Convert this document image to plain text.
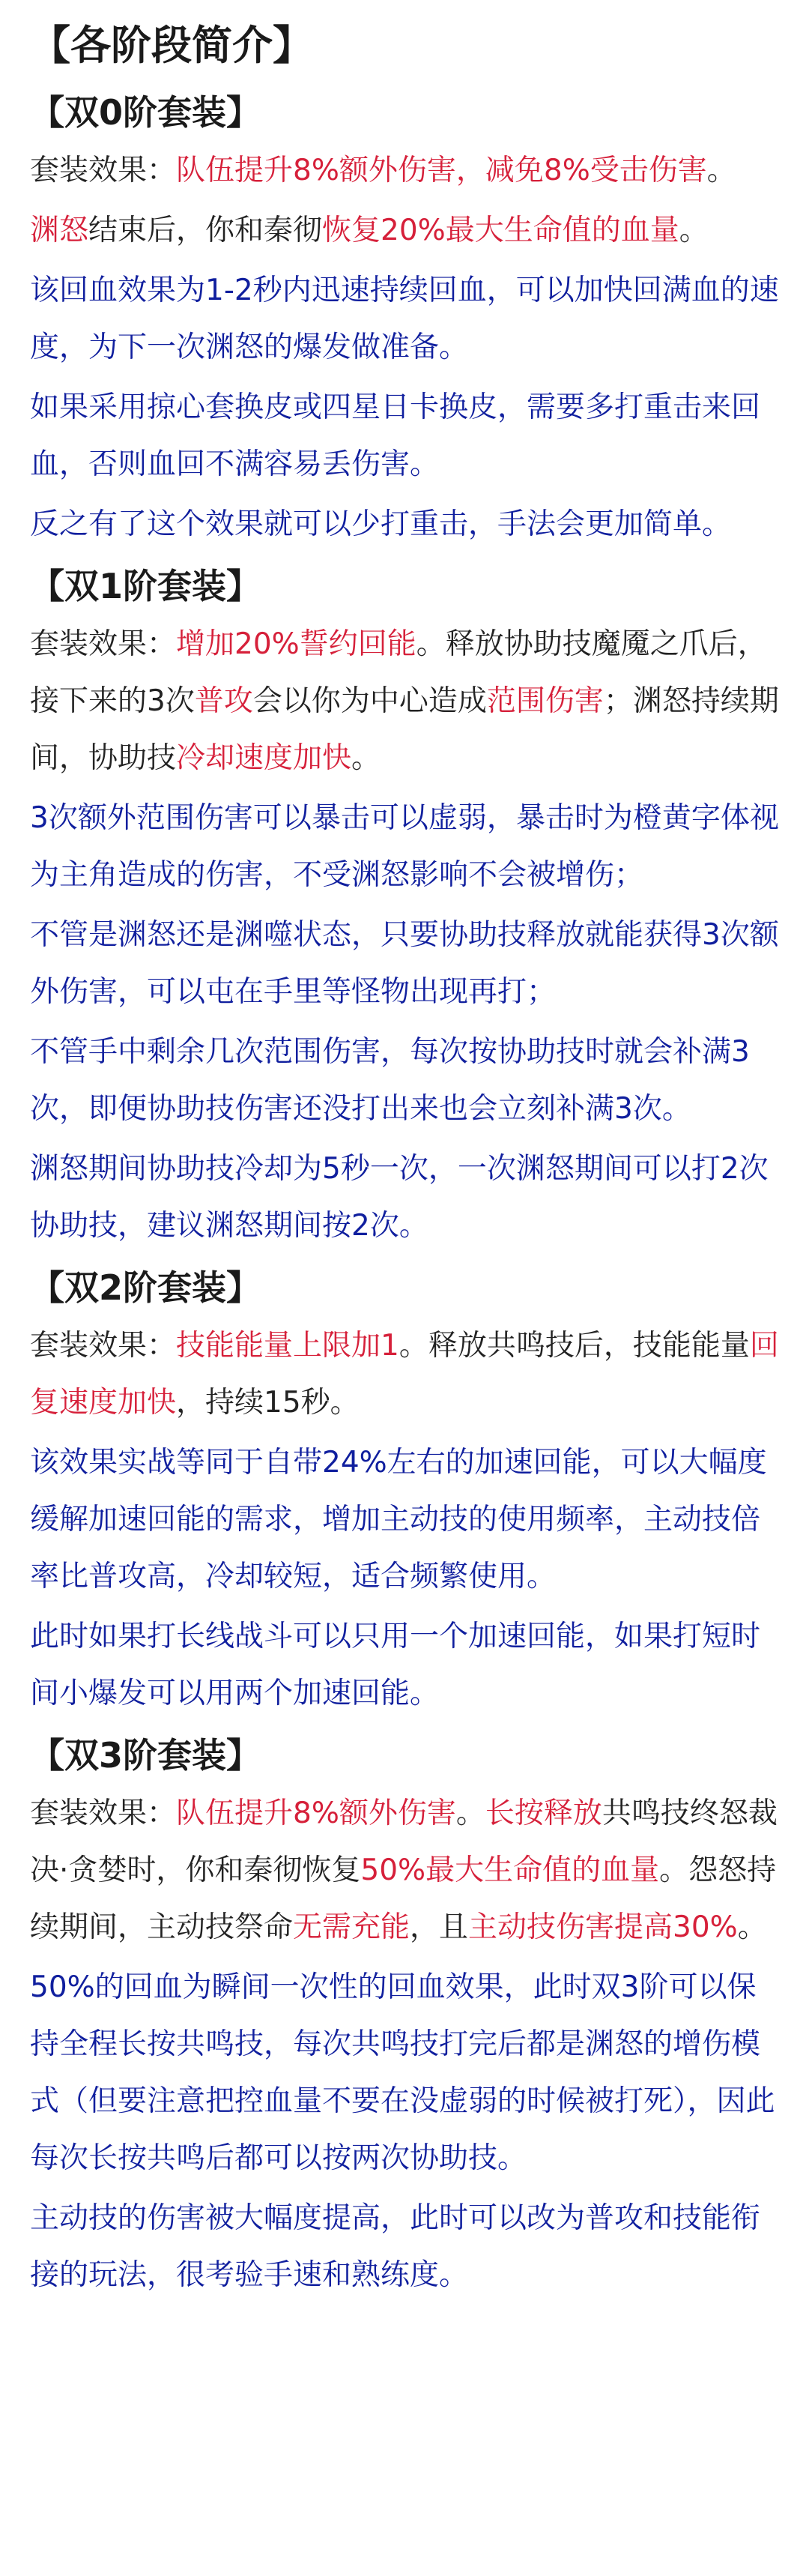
【各阶段简介】
【双0阶套装】
套装效果：队伍提升8%额外伤害，减免8%受击伤害。
渊怒结束后，你和秦彻恢复20%最大生命值的血量。
该回血效果为1-2秒内迅速持续回血，可以加快回满血的速度，为下一次渊怒的爆发做准备。
如果采用掠心套换皮或四星日卡换皮，需要多打重击来回血，否则血回不满容易丢伤害。
反之有了这个效果就可以少打重击，手法会更加简单。
【双1阶套装】
套装效果：增加20%誓约回能。释放协助技魔魇之爪后，接下来的3次普攻会以你为中心造成范围伤害；渊怒持续期间，协助技冷却速度加快。
3次额外范围伤害可以暴击可以虚弱，暴击时为橙黄字体视为主角造成的伤害，不受渊怒影响不会被增伤；
不管是渊怒还是渊噬状态，只要协助技释放就能获得3次额外伤害，可以屯在手里等怪物出现再打；
不管手中剩余几次范围伤害，每次按协助技时就会补满3次，即便协助技伤害还没打出来也会立刻补满3次。
渊怒期间协助技冷却为5秒一次，一次渊怒期间可以打2次协助技，建议渊怒期间按2次。
【双2阶套装】
套装效果：技能能量上限加1。释放共鸣技后，技能能量回复速度加快，持续15秒。
该效果实战等同于自带24%左右的加速回能，可以大幅度缓解加速回能的需求，增加主动技的使用频率，主动技倍率比普攻高，冷却较短，适合频繁使用。
此时如果打长线战斗可以只用一个加速回能，如果打短时间小爆发可以用两个加速回能。
【双3阶套装】
套装效果：队伍提升8%额外伤害。长按释放共鸣技终怒裁决·贪婪时，你和秦彻恢复50%最大生命值的血量。怨怒持续期间，主动技祭命无需充能，且主动技伤害提高30%。
50%的回血为瞬间一次性的回血效果，此时双3阶可以保持全程长按共鸣技，每次共鸣技打完后都是渊怒的增伤模式（但要注意把控血量不要在没虚弱的时候被打死），因此每次长按共鸣后都可以按两次协助技。
主动技的伤害被大幅度提高，此时可以改为普攻和技能衔接的玩法，很考验手速和熟练度。
